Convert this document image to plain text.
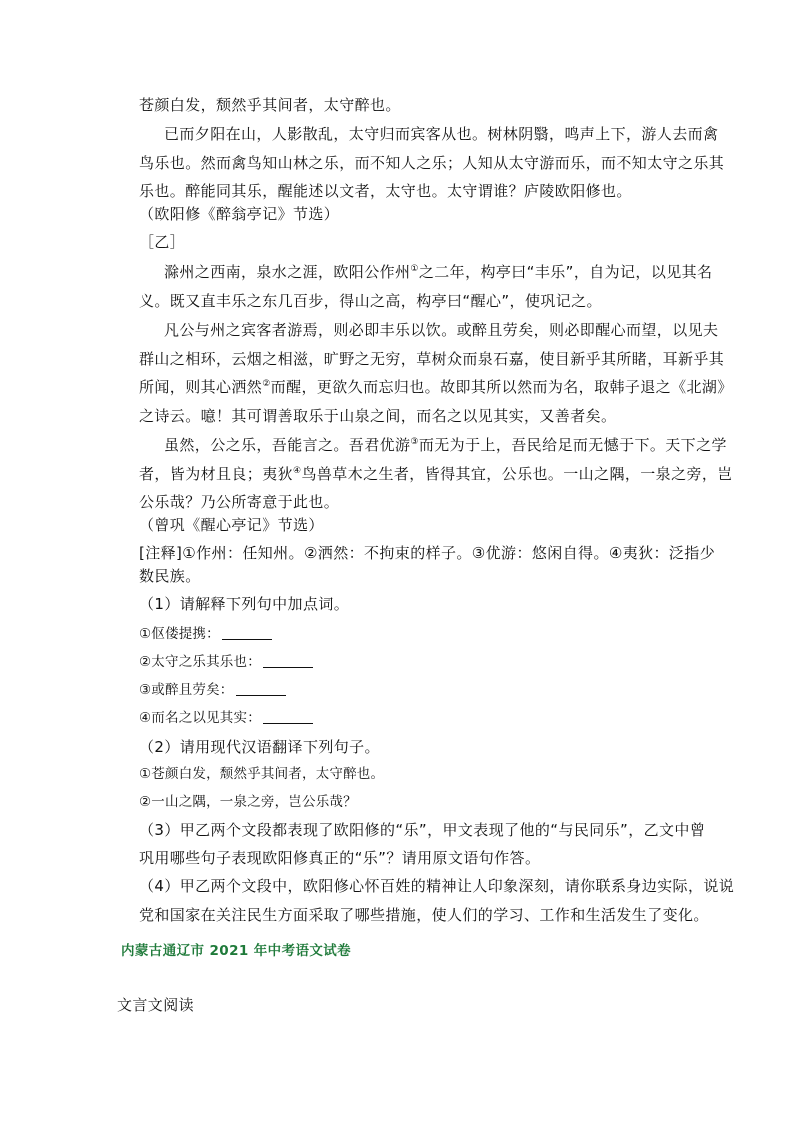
苍颜白发，颓然乎其间者，太守醉也。
已而夕阳在山，人影散乱，太守归而宾客从也。树林阴翳，鸣声上下，游人去而禽
鸟乐也。然而禽鸟知山林之乐，而不知人之乐；人知从太守游而乐，而不知太守之乐其
乐也。醉能同其乐，醒能述以文者，太守也。太守谓谁？庐陵欧阳修也。
（欧阳修《醉翁亭记》节选）
［乙］
滁州之西南，泉水之涯，欧阳公作州①之二年，构亭曰“丰乐”，自为记，以见其名
义。既又直丰乐之东几百步，得山之高，构亭曰“醒心”，使巩记之。
凡公与州之宾客者游焉，则必即丰乐以饮。或醉且劳矣，则必即醒心而望，以见夫
群山之相环，云烟之相滋，旷野之无穷，草树众而泉石嘉，使目新乎其所睹，耳新乎其
所闻，则其心洒然②而醒，更欲久而忘归也。故即其所以然而为名，取韩子退之《北湖》
之诗云。噫！其可谓善取乐于山泉之间，而名之以见其实，又善者矣。
虽然，公之乐，吾能言之。吾君优游③而无为于上，吾民给足而无憾于下。天下之学
者，皆为材且良；夷狄④鸟兽草木之生者，皆得其宜，公乐也。一山之隅，一泉之旁，岂
公乐哉？乃公所寄意于此也。
（曾巩《醒心亭记》节选）
[注释]①作州：任知州。②洒然：不拘束的样子。③优游：悠闲自得。④夷狄：泛指少
数民族。
（1）请解释下列句中加点词。
①伛偻提携：
②太守之乐其乐也：
③或醉且劳矣：
④而名之以见其实：
（2）请用现代汉语翻译下列句子。
①苍颜白发，颓然乎其间者，太守醉也。
②一山之隅，一泉之旁，岂公乐哉？
（3）甲乙两个文段都表现了欧阳修的“乐”，甲文表现了他的“与民同乐”，乙文中曾
巩用哪些句子表现欧阳修真正的“乐”？请用原文语句作答。
（4）甲乙两个文段中，欧阳修心怀百姓的精神让人印象深刻，请你联系身边实际，说说
党和国家在关注民生方面采取了哪些措施，使人们的学习、工作和生活发生了变化。
内蒙古通辽市 2021 年中考语文试卷
文言文阅读
